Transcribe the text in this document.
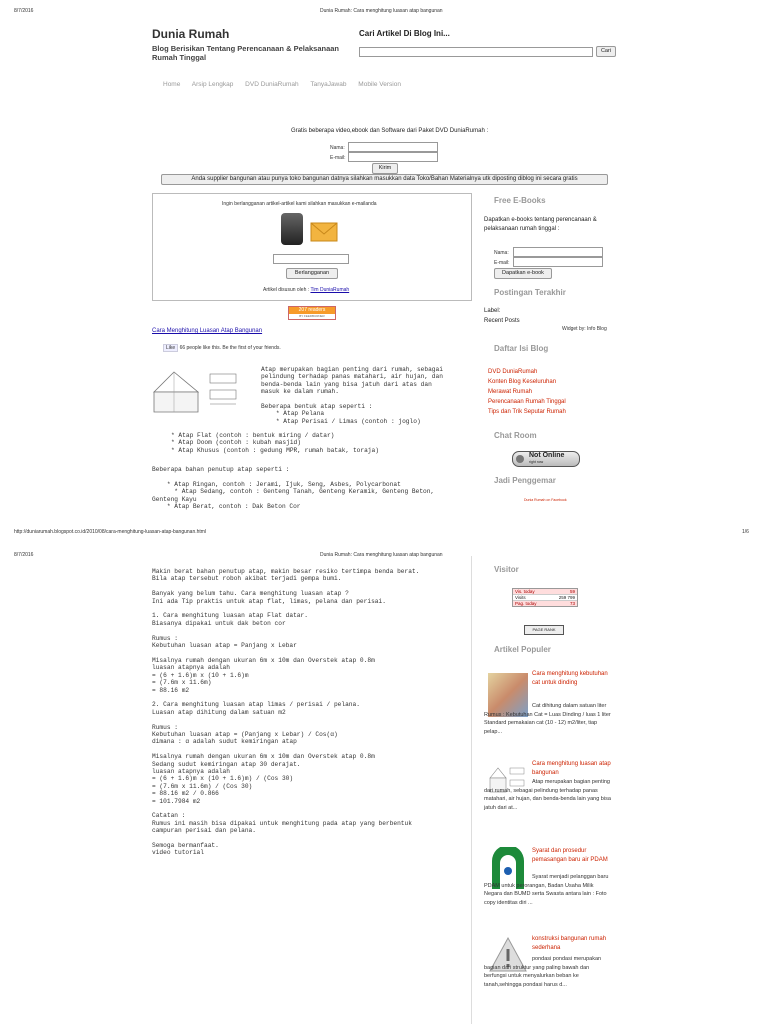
8/7/2016	Dunia Rumah: Cara menghitung luasan atap bangunan
Dunia Rumah
Blog Berisikan Tentang Perencanaan & Pelaksanaan Rumah Tinggal
Cari Artikel Di Blog Ini...
Cari
Home Arsip Lengkap DVD DuniaRumah TanyaJawab Mobile Version
Gratis beberapa video,ebook dan Software dari Paket DVD DuniaRumah :
Nama:
E-mail:
Kirim
Anda supplier bangunan atau punya toko bangunan datnya silahkan masukkan data Toko/Bahan Materialnya utk diposting diblog ini secara gratis
Ingin berlangganan artikel-artikel kami silahkan masukkan e-mailanda
Berlangganan
Artikel disusun oleh : Tim DuniaRumah
207 readers
BY FEEDBURNER
Cara Menghitung Luasan Atap Bangunan
Like 66 people like this. Be the first of your friends.
Atap merupakan bagian penting dari rumah, sebagai
pelindung terhadap panas matahari, air hujan, dan
benda-benda lain yang bisa jatuh dari atas dan
masuk ke dalam rumah.

Beberapa bentuk atap seperti :
* Atap Pelana
* Atap Perisai / Limas (contoh : joglo)
* Atap Flat (contoh : bentuk miring / datar)
* Atap Doom (contoh : kubah masjid)
* Atap Khusus (contoh : gedung MPR, rumah batak, toraja)
Beberapa bahan penutup atap seperti :

* Atap Ringan, contoh : Jerami, Ijuk, Seng, Asbes, Polycarbonat
* Atap Sedang, contoh : Genteng Tanah, Genteng Keramik, Genteng Beton,
Genteng Kayu
* Atap Berat, contoh : Dak Beton Cor
Free E-Books
Dapatkan e-books tentang perencanaan & pelaksanaan rumah tinggal :
Nama:
E-mail:
Dapatkan e-book
Postingan Terakhir
Label:
Recent Posts
Widget by: Info Blog
Daftar Isi Blog
DVD DuniaRumah
Konten Blog Keseluruhan
Merawat Rumah
Perencanaan Rumah Tinggal
Tips dan Trik Seputar Rumah
Chat Room
Not Online
right now
Jadi Penggemar
Dunia Rumah on Facebook
http://duniarumah.blogspot.co.id/2010/08/cara-menghitung-luasan-atap-bangunan.html	1/6
8/7/2016	Dunia Rumah: Cara menghitung luasan atap bangunan
Makin berat bahan penutup atap, makin besar resiko tertimpa benda berat.
Bila atap tersebut roboh akibat terjadi gempa bumi.

Banyak yang belum tahu. Cara menghitung luasan atap ?
Ini ada Tip praktis untuk atap flat, limas, pelana dan perisai.

1. Cara menghitung luasan atap Flat datar.
Biasanya dipakai untuk dak beton cor

Rumus :
Kebutuhan luasan atap = Panjang x Lebar

Misalnya rumah dengan ukuran 6m x 10m dan Overstek atap 0.8m
luasan atapnya adalah
= (6 + 1.6)m x (10 + 1.6)m
= (7.6m x 11.6m)
= 88.16 m2

2. Cara menghitung luasan atap limas / perisai / pelana.
Luasan atap dihitung dalam satuan m2

Rumus :
Kebutuhan luasan atap = (Panjang x Lebar) / Cos(α)
dimana : α adalah sudut kemiringan atap

Misalnya rumah dengan ukuran 6m x 10m dan Overstek atap 0.8m
Sedang sudut kemiringan atap 30 derajat.
luasan atapnya adalah
= (6 + 1.6)m x (10 + 1.6)m) / (Cos 30)
= (7.6m x 11.6m) / (Cos 30)
= 88.16 m2 / 0.866
= 101.7984 m2

Catatan :
Rumus ini masih bisa dipakai untuk menghitung pada atap yang berbentuk
campuran perisai dan pelana.

Semoga bermanfaat.
video tutorial
Visitor
Vis. today	59
Visits	259 799
Pag. today	73
PAGE RANK
Artikel Populer
Cara menghitung kebutuhan cat untuk dinding
Cat dihitung dalam satuan liter Rumus : Kebutuhan Cat = Luas Dinding / luas 1 liter Standard pemakaian cat (10 - 12) m2/liter, tiap pelap...
Cara menghitung luasan atap bangunan
Atap merupakan bagian penting dari rumah, sebagai pelindung terhadap panas matahari, air hujan, dan benda-benda lain yang bisa jatuh dari at...
Syarat dan prosedur pemasangan baru air PDAM
Syarat menjadi pelanggan baru PDAM untuk perorangan, Badan Usaha Milik Negara dan BUMD serta Swasta antara lain : Foto copy identitas diri ...
konstruksi bangunan rumah sederhana
pondasi pondasi merupakan bagian dari struktur yang paling bawah dan berfungsi untuk menyalurkan beban ke tanah,sehingga pondasi harus d...
